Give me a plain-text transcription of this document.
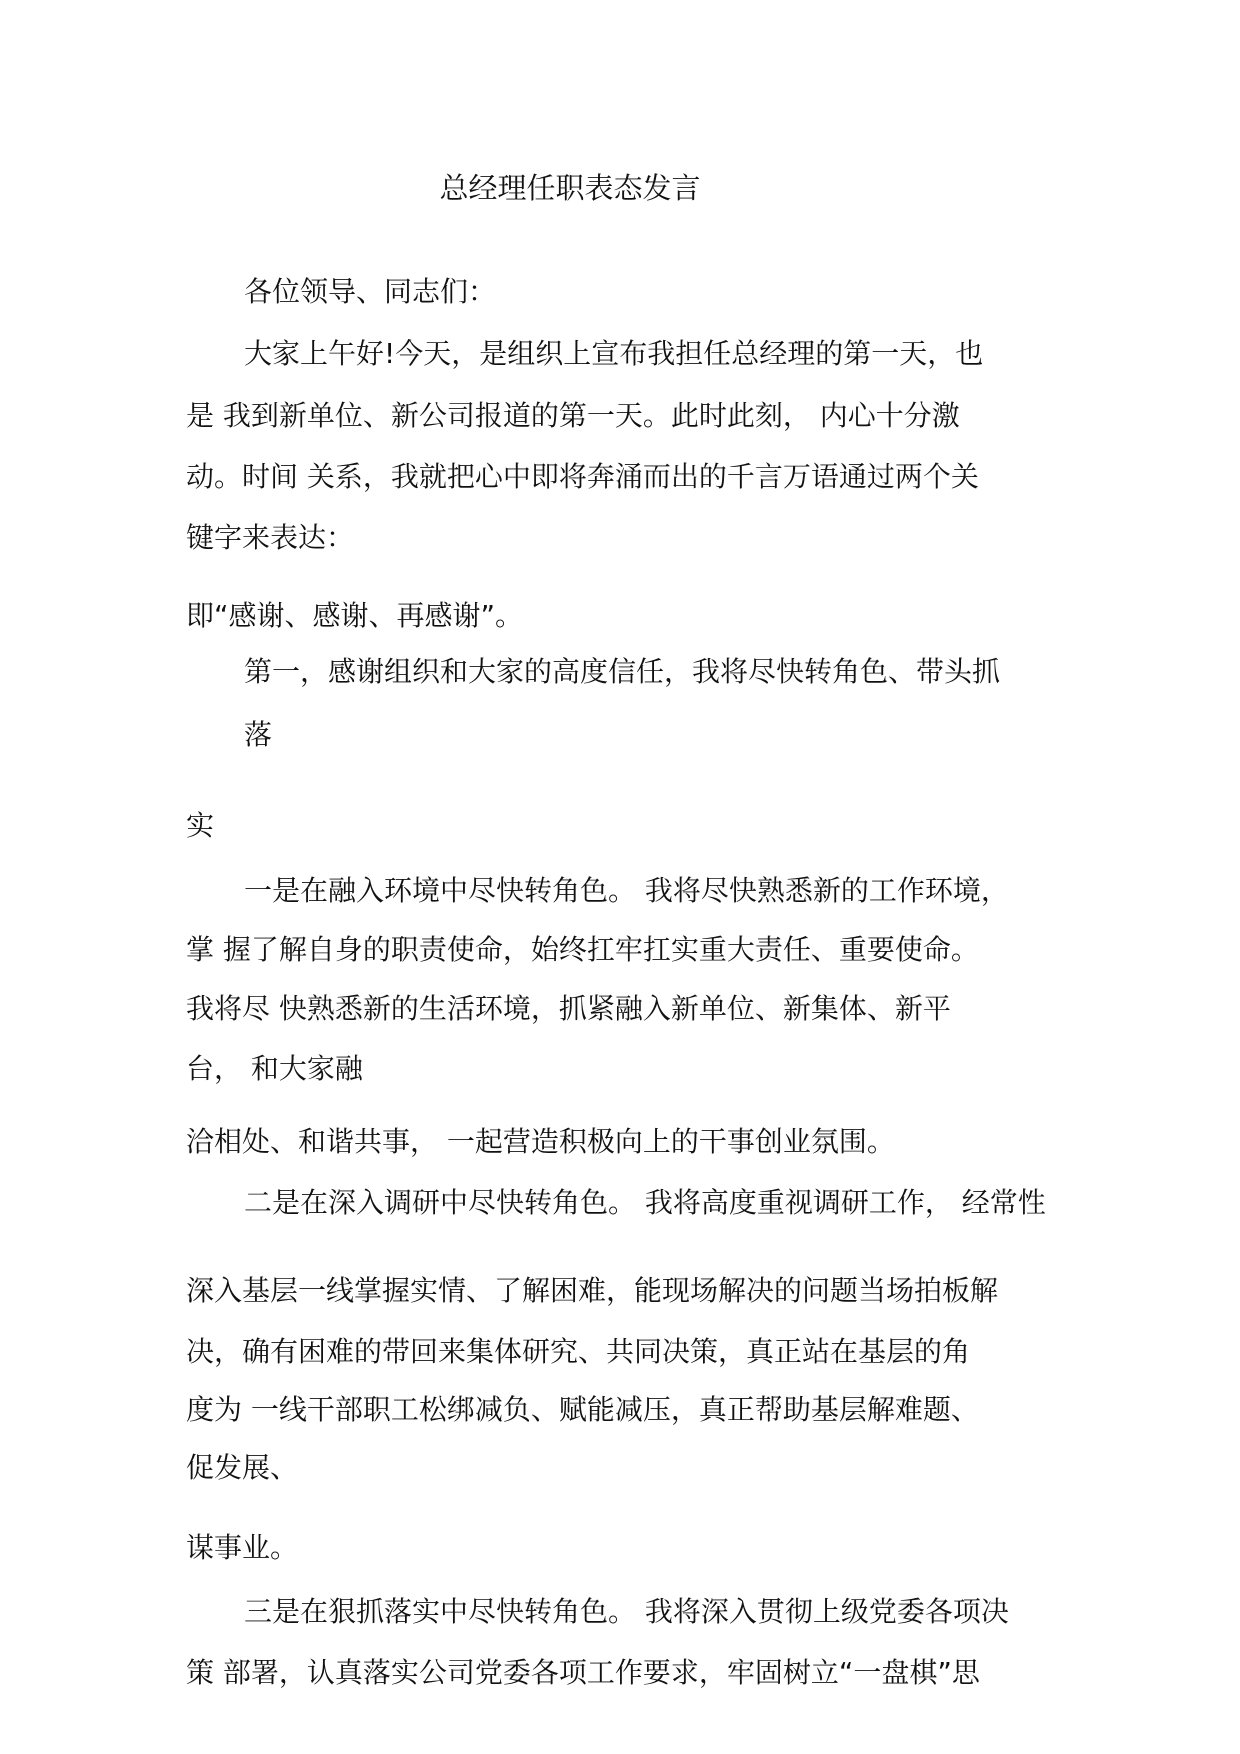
总经理任职表态发言
各位领导、同志们：
大家上午好!今天，是组织上宣布我担任总经理的第一天，也
是 我到新单位、新公司报道的第一天。此时此刻， 内心十分激
动。时间 关系，我就把心中即将奔涌而出的千言万语通过两个关
键字来表达：
即“感谢、感谢、再感谢”。
第一，感谢组织和大家的高度信任，我将尽快转角色、带头抓
落
实
一是在融入环境中尽快转角色。 我将尽快熟悉新的工作环境，
掌 握了解自身的职责使命，始终扛牢扛实重大责任、重要使命。
我将尽 快熟悉新的生活环境，抓紧融入新单位、新集体、新平
台， 和大家融
洽相处、和谐共事， 一起营造积极向上的干事创业氛围。
二是在深入调研中尽快转角色。 我将高度重视调研工作， 经常性
深入基层一线掌握实情、了解困难，能现场解决的问题当场拍板解
决，确有困难的带回来集体研究、共同决策，真正站在基层的角
度为 一线干部职工松绑减负、赋能减压，真正帮助基层解难题、
促发展、
谋事业。
三是在狠抓落实中尽快转角色。 我将深入贯彻上级党委各项决
策 部署，认真落实公司党委各项工作要求，牢固树立“一盘棋”思
